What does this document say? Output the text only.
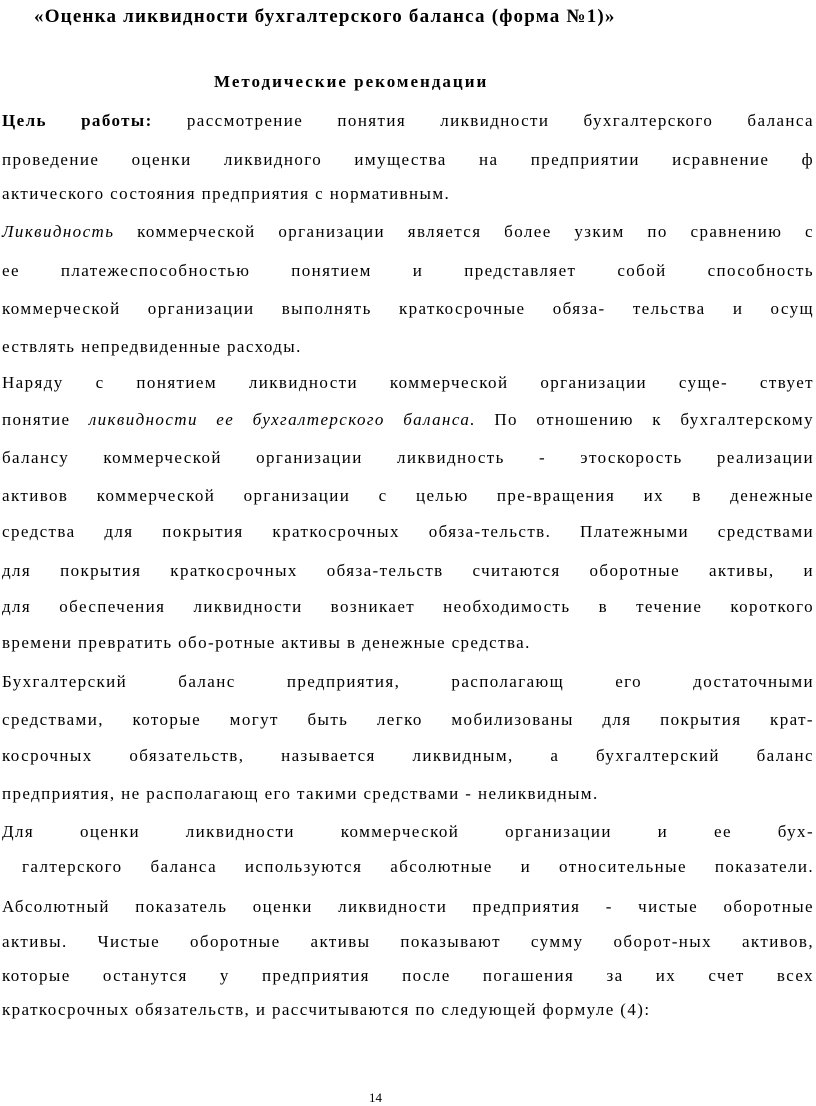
«Оценка ликвидности бухгалтерского баланса (форма №1)»
Методические рекомендации
Цель работы: рассмотрение понятия ликвидности бухгалтерского баланса
проведение оценки ликвидного имущества на предприятии исравнение ф
актического состояния предприятия с нормативным.
Ликвидность коммерческой организации является более узким по сравнению с
ее платежеспособностью понятием и представляет собой способность
коммерческой организации выполнять краткосрочные обяза- тельства и осущ
ествлять непредвиденные расходы.
Наряду с понятием ликвидности коммерческой организации суще- ствует
понятие ликвидности ее бухгалтерского баланса. По отношению к бухгалтерскому
балансу коммерческой организации ликвидность - этоскорость реализации
активов коммерческой организации с целью пре-вращения их в денежные
средства для покрытия краткосрочных обяза-тельств. Платежными средствами
для покрытия краткосрочных обяза-тельств считаются оборотные активы, и
для обеспечения ликвидности возникает необходимость в течение короткого
времени превратить обо-ротные активы в денежные средства.
Бухгалтерский баланс предприятия, располагающ его достаточными
средствами, которые могут быть легко мобилизованы для покрытия крат-
косрочных обязательств, называется ликвидным, а бухгалтерский баланс
предприятия, не располагающ его такими средствами - неликвидным.
Для оценки ликвидности коммерческой организации и ее бух-
галтерского баланса используются абсолютные и относительные показатели.
Абсолютный показатель оценки ликвидности предприятия - чистые оборотные
активы. Чистые оборотные активы показывают сумму оборот-ных активов,
которые останутся у предприятия после погашения за их счет всех
краткосрочных обязательств, и рассчитываются по следующей формуле (4):
14
